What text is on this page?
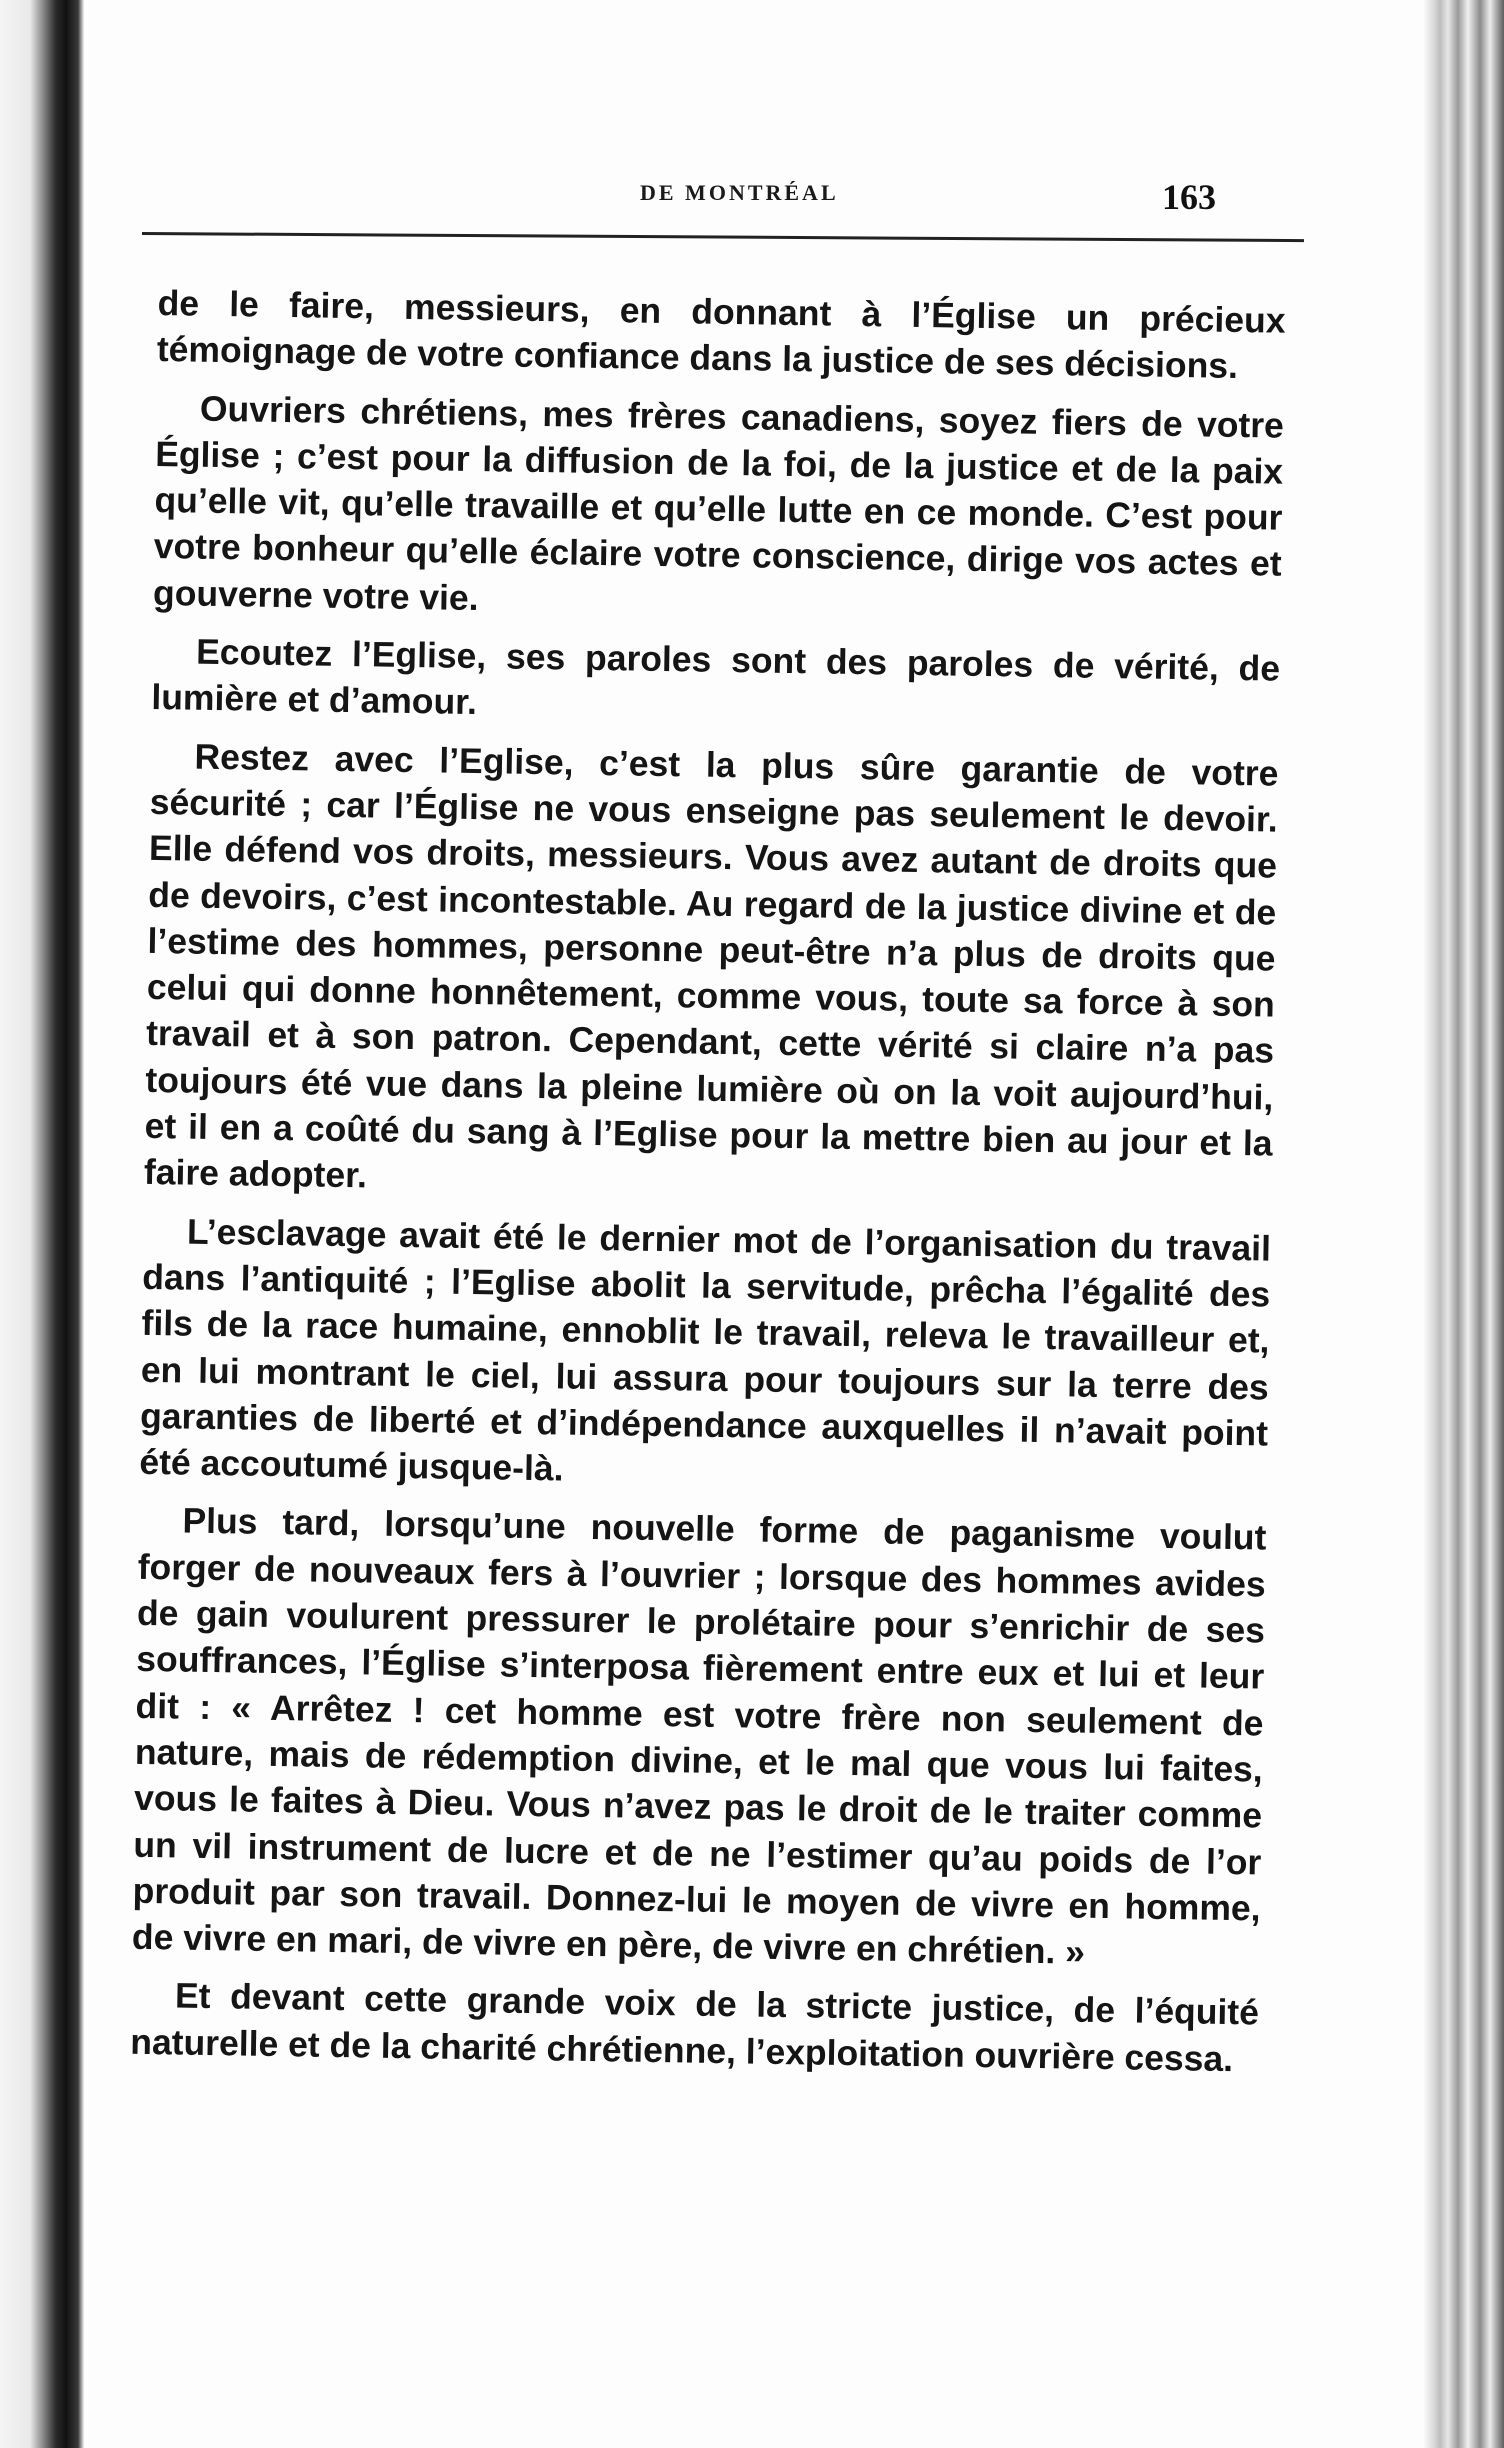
DE MONTRÉAL	163

de le faire, messieurs, en donnant à l’Église un précieux témoignage de votre confiance dans la justice de ses décisions.

Ouvriers chrétiens, mes frères canadiens, soyez fiers de votre Église ; c’est pour la diffusion de la foi, de la justice et de la paix qu’elle vit, qu’elle travaille et qu’elle lutte en ce monde. C’est pour votre bonheur qu’elle éclaire votre conscience, dirige vos actes et gouverne votre vie.

Ecoutez l’Eglise, ses paroles sont des paroles de vérité, de lumière et d’amour.

Restez avec l’Eglise, c’est la plus sûre garantie de votre sécurité ; car l’Église ne vous enseigne pas seulement le devoir. Elle défend vos droits, messieurs. Vous avez autant de droits que de devoirs, c’est incontestable. Au regard de la justice divine et de l’estime des hommes, personne peut-être n’a plus de droits que celui qui donne honnêtement, comme vous, toute sa force à son travail et à son patron. Cependant, cette vérité si claire n’a pas toujours été vue dans la pleine lumière où on la voit aujourd’hui, et il en a coûté du sang à l’Eglise pour la mettre bien au jour et la faire adopter.

L’esclavage avait été le dernier mot de l’organisation du travail dans l’antiquité ; l’Eglise abolit la servitude, prêcha l’égalité des fils de la race humaine, ennoblit le travail, releva le travailleur et, en lui montrant le ciel, lui assura pour toujours sur la terre des garanties de liberté et d’indépendance auxquelles il n’avait point été accoutumé jusque-là.

Plus tard, lorsqu’une nouvelle forme de paganisme voulut forger de nouveaux fers à l’ouvrier ; lorsque des hommes avides de gain voulurent pressurer le prolétaire pour s’enrichir de ses souffrances, l’Église s’interposa fièrement entre eux et lui et leur dit : « Arrêtez ! cet homme est votre frère non seulement de nature, mais de rédemption divine, et le mal que vous lui faites, vous le faites à Dieu. Vous n’avez pas le droit de le traiter comme un vil instrument de lucre et de ne l’estimer qu’au poids de l’or produit par son travail. Donnez-lui le moyen de vivre en homme, de vivre en mari, de vivre en père, de vivre en chrétien. »

Et devant cette grande voix de la stricte justice, de l’équité naturelle et de la charité chrétienne, l’exploitation ouvrière cessa.
